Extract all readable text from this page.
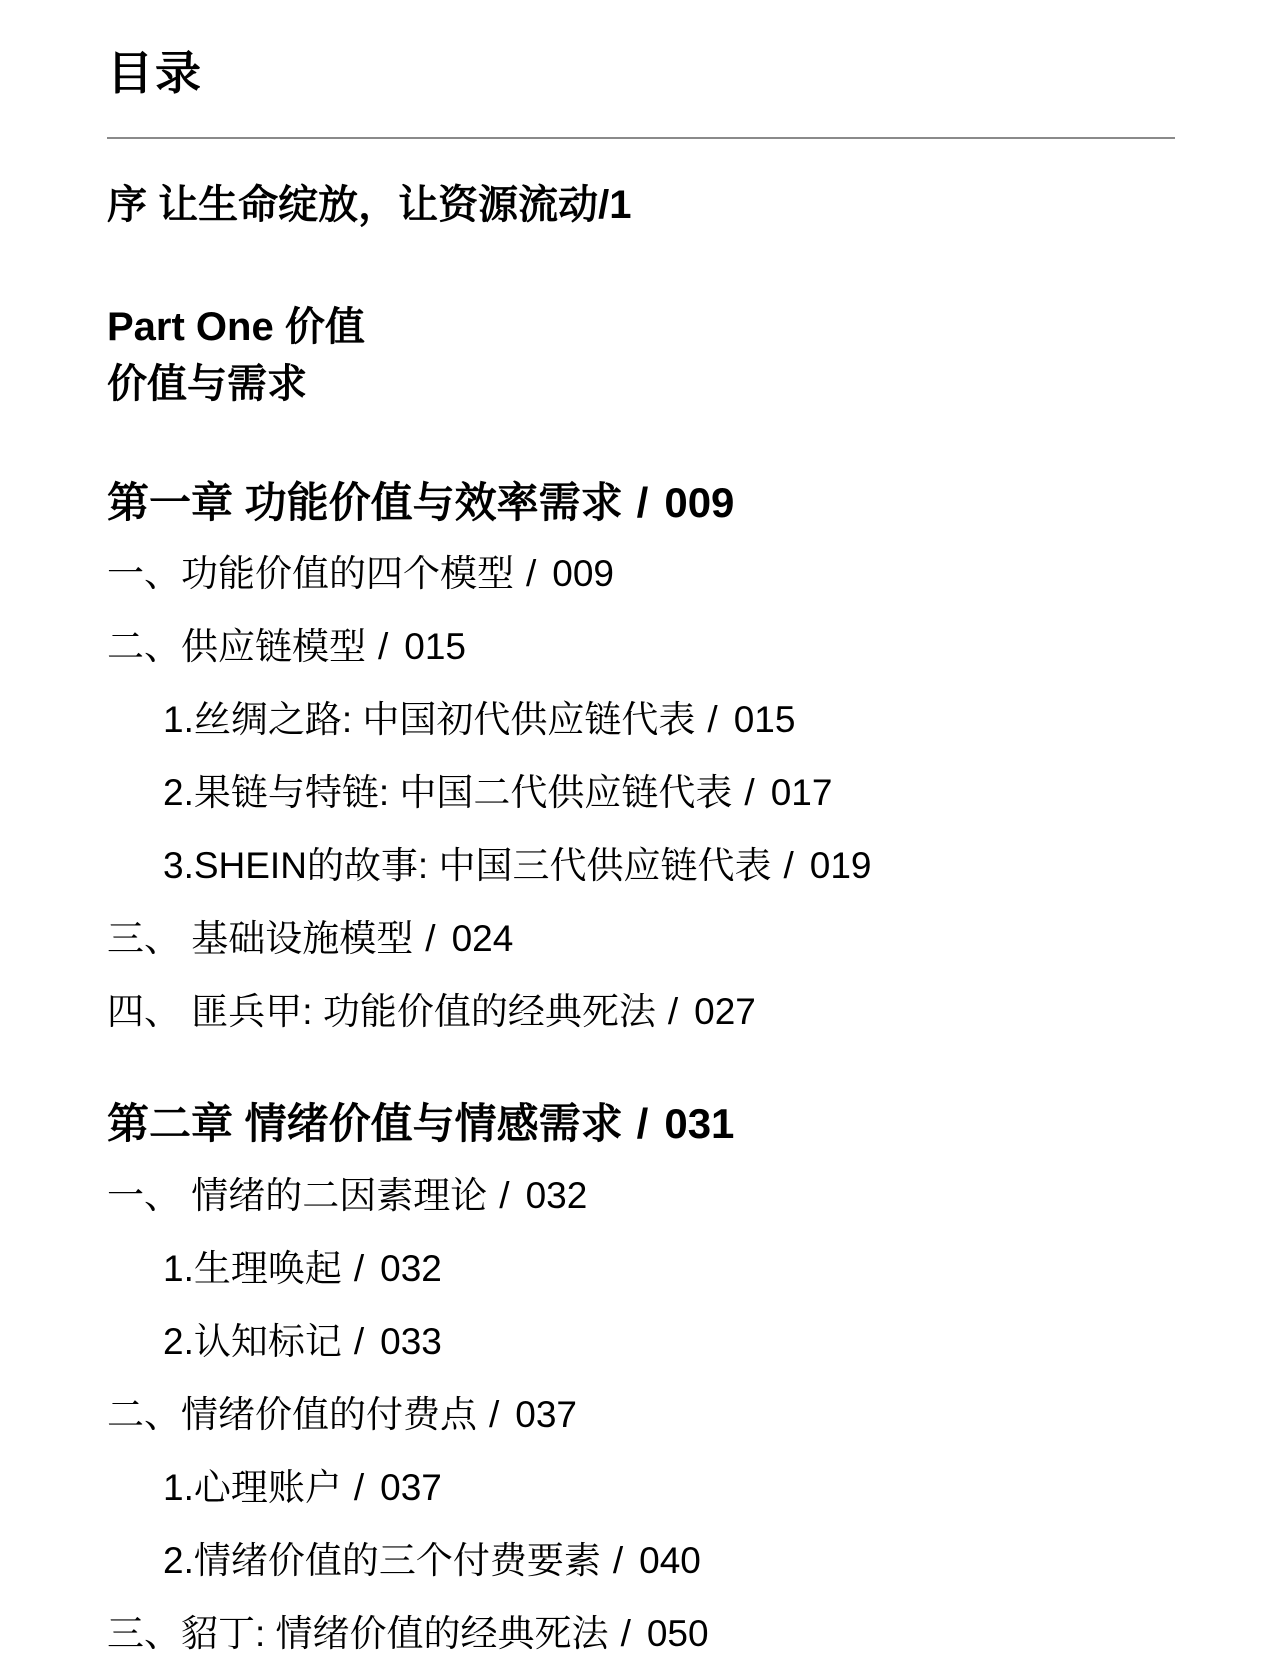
目录
序 让生命绽放，让资源流动/1
Part One 价值
价值与需求
第一章 功能价值与效率需求 / 009
一、功能价值的四个模型 / 009
二、供应链模型 / 015
1.丝绸之路: 中国初代供应链代表 / 015
2.果链与特链: 中国二代供应链代表 / 017
3.SHEIN的故事: 中国三代供应链代表 / 019
三、 基础设施模型 / 024
四、 匪兵甲: 功能价值的经典死法 / 027
第二章 情绪价值与情感需求 / 031
一、 情绪的二因素理论 / 032
1.生理唤起 / 032
2.认知标记 / 033
二、情绪价值的付费点 / 037
1.心理账户 / 037
2.情绪价值的三个付费要素 / 040
三、貂丁: 情绪价值的经典死法 / 050
